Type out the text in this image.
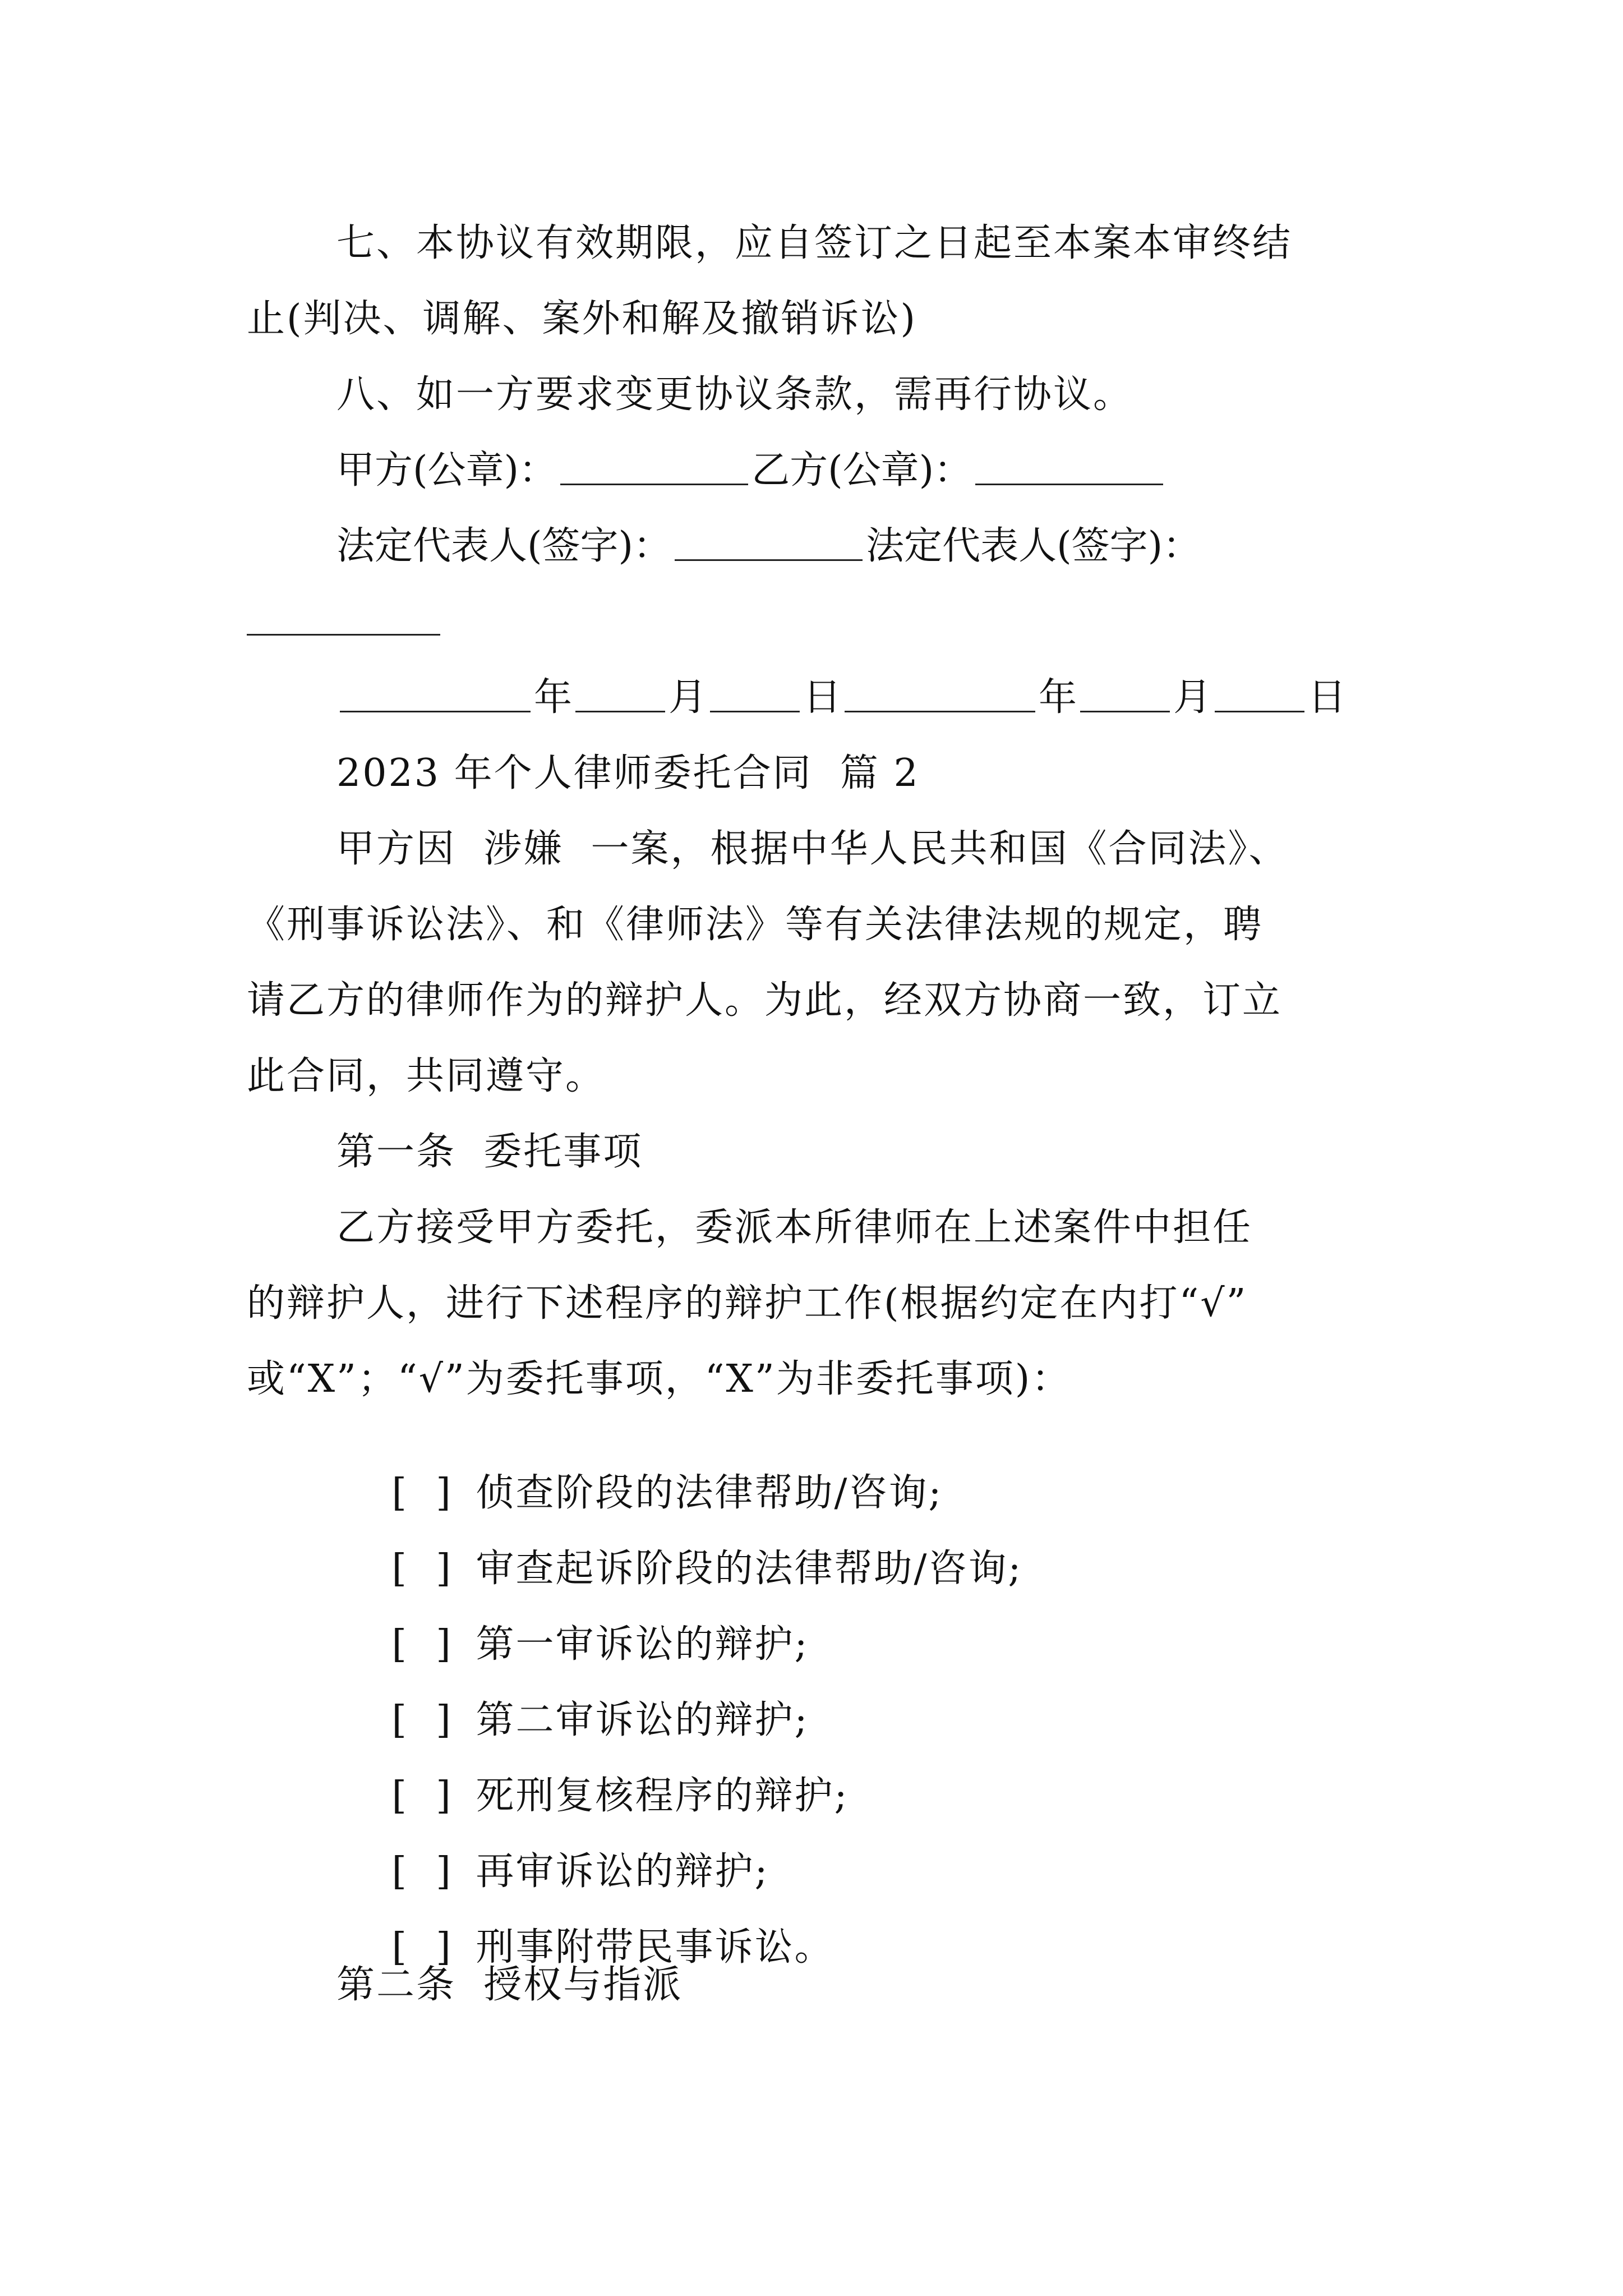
七、本协议有效期限，应自签订之日起至本案本审终结
止(判决、调解、案外和解及撤销诉讼)
八、如一方要求变更协议条款，需再行协议。
甲方(公章)：	乙方(公章)：
法定代表人(签字)：	法定代表人(签字)：
年	月	日	年	月	日
2023 年个人律师委托合同  篇 2
甲方因  涉嫌  一案，根据中华人民共和国《合同法》、
《刑事诉讼法》、和《律师法》等有关法律法规的规定，聘
请乙方的律师作为的辩护人。为此，经双方协商一致，订立
此合同，共同遵守。
第一条  委托事项
乙方接受甲方委托，委派本所律师在上述案件中担任
的辩护人，进行下述程序的辩护工作(根据约定在内打“√”
或“X”；“√”为委托事项，“X”为非委托事项)：

[  ] 侦查阶段的法律帮助/咨询;

[  ] 审查起诉阶段的法律帮助/咨询;

[  ] 第一审诉讼的辩护;

[  ] 第二审诉讼的辩护;

[  ] 死刑复核程序的辩护;

[  ] 再审诉讼的辩护;

[  ] 刑事附带民事诉讼。

第二条  授权与指派
